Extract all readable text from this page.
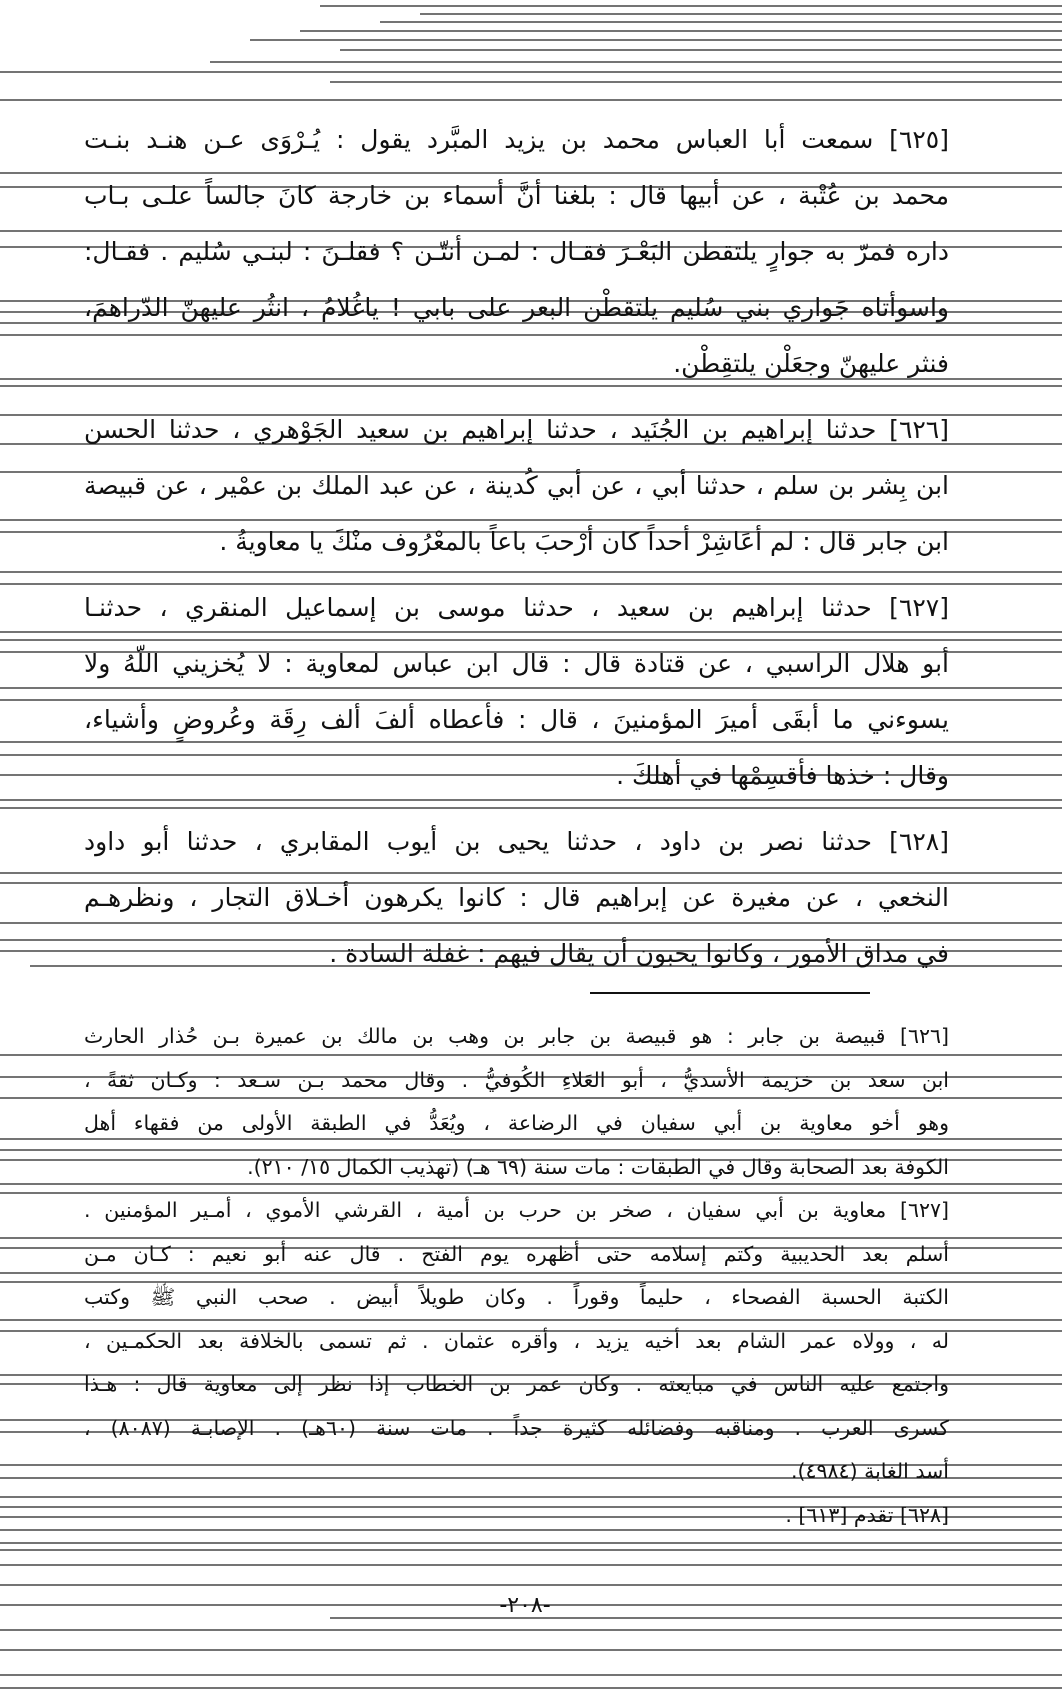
[٦٢٥] سمعت أبا العباس محمد بن يزيد المبَّرد يقول : يُـرْوَى عـن هنـد بنـت
محمد بن عُتْبة ، عن أبيها قال : بلغنا أنَّ أسماء بن خارجة كانَ جالساً علـى بـاب
داره فمرّ به جوارٍ يلتقطن البَعْـرَ فقـال : لمـن أنتّـن ؟ فقلـنَ : لبنـي سُليم . فقـال:
واسوأتاه جَواري بني سُليم يلتقطْن البعر على بابي ! ياغُلامُ ، انثُر عليهنّ الدّراهمَ،
فنثر عليهنّ وجعَلْن يلتقِطْن.

[٦٢٦] حدثنا إبراهيم بن الجُنَيد ، حدثنا إبراهيم بن سعيد الجَوْهري ، حدثنا الحسن
ابن بِشر بن سلم ، حدثنا أبي ، عن أبي كُدينة ، عن عبد الملك بن عمْير ، عن قبيصة
ابن جابر قال : لم أعَاشِرْ أحداً كان أرْحبَ باعاً بالمعْرُوف منْكَ يا معاويةُ .

[٦٢٧] حدثنا إبراهيم بن سعيد ، حدثنا موسى بن إسماعيل المنقري ، حدثنـا
أبو هلال الراسبي ، عن قتادة قال : قال ابن عباس لمعاوية : لا يُخزيني اللّهُ ولا
يسوءني ما أبقَى أميرَ المؤمنينَ ، قال : فأعطاه ألفَ ألف رِقَة وعُروضٍ وأشياء،
وقال : خذها فأقسِمْها في أهلكَ .

[٦٢٨] حدثنا نصر بن داود ، حدثنا يحيى بن أيوب المقابري ، حدثنا أبو داود
النخعي ، عن مغيرة عن إبراهيم قال : كانوا يكرهون أخـلاق التجار ، ونظرهـم
في مداق الأمور ، وكانوا يحبون أن يقال فيهم : غفلة السادة .

[٦٢٦] قبيصة بن جابر : هو قبيصة بن جابر بن وهب بن مالك بن عميرة بـن حُذار الحارث
ابن سعد بن خزيمة الأسديُّ ، أبو العَلاءِ الكُوفيُّ . وقال محمد بـن سـعد : وكـان ثقةً ،
وهو أخو معاوية بن أبي سفيان في الرضاعة ، ويُعَدُّ في الطبقة الأولى من فقهاء أهل
الكوفة بعد الصحابة وقال في الطبقات : مات سنة (٦٩ هـ) (تهذيب الكمال ١٥/ ٢١٠).

[٦٢٧] معاوية بن أبي سفيان ، صخر بن حرب بن أمية ، القرشي الأموي ، أمـير المؤمنين .
أسلم بعد الحديبية وكتم إسلامه حتى أظهره يوم الفتح . قال عنه أبو نعيم : كـان مـن
الكتبة الحسبة الفصحاء ، حليماً وقوراً . وكان طويلاً أبيض . صحب النبي ﷺ وكتب
له ، وولاه عمر الشام بعد أخيه يزيد ، وأقره عثمان . ثم تسمى بالخلافة بعد الحكمـين ،
واجتمع عليه الناس في مبايعته . وكان عمر بن الخطاب إذا نظر إلى معاوية قال : هـذا
كسرى العرب . ومناقبه وفضائله كثيرة جداً . مات سنة (٦٠هـ) . الإصابـة (٨٠٨٧) ،
أسد الغابة (٤٩٨٤).

[٦٢٨] تقدم [٦١٣] .

-٢٠٨-
